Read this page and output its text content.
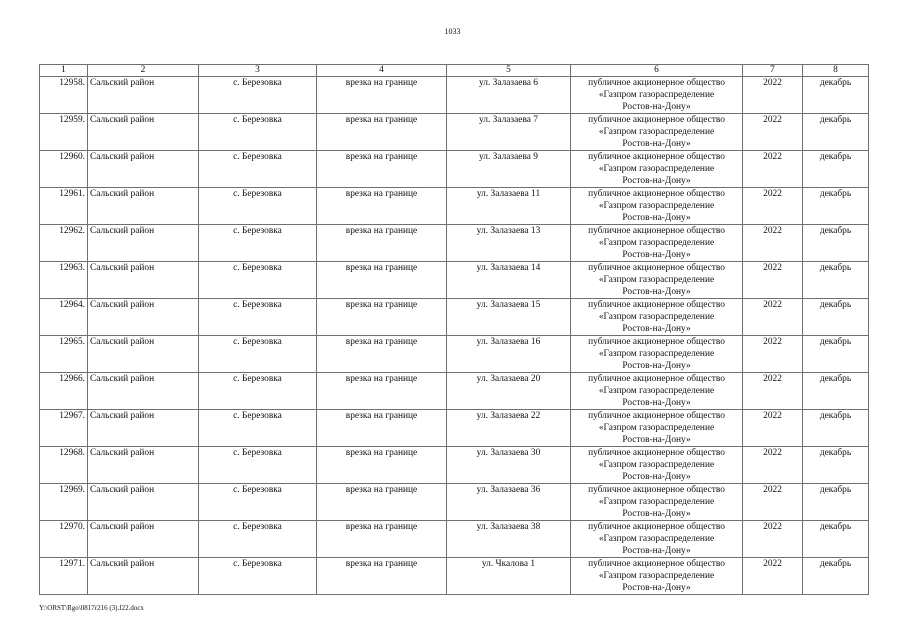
1033
1	2	3	4	5	6	7	8
12958.	Сальский район	с. Березовка	врезка на границе	ул. Залазаева 6	публичное акционерное общество
«Газпром газораспределение
Ростов-на-Дону»	2022	декабрь
12959.	Сальский район	с. Березовка	врезка на границе	ул. Залазаева 7	публичное акционерное общество
«Газпром газораспределение
Ростов-на-Дону»	2022	декабрь
12960.	Сальский район	с. Березовка	врезка на границе	ул. Залазаева 9	публичное акционерное общество
«Газпром газораспределение
Ростов-на-Дону»	2022	декабрь
12961.	Сальский район	с. Березовка	врезка на границе	ул. Залазаева 11	публичное акционерное общество
«Газпром газораспределение
Ростов-на-Дону»	2022	декабрь
12962.	Сальский район	с. Березовка	врезка на границе	ул. Залазаева 13	публичное акционерное общество
«Газпром газораспределение
Ростов-на-Дону»	2022	декабрь
12963.	Сальский район	с. Березовка	врезка на границе	ул. Залазаева 14	публичное акционерное общество
«Газпром газораспределение
Ростов-на-Дону»	2022	декабрь
12964.	Сальский район	с. Березовка	врезка на границе	ул. Залазаева 15	публичное акционерное общество
«Газпром газораспределение
Ростов-на-Дону»	2022	декабрь
12965.	Сальский район	с. Березовка	врезка на границе	ул. Залазаева 16	публичное акционерное общество
«Газпром газораспределение
Ростов-на-Дону»	2022	декабрь
12966.	Сальский район	с. Березовка	врезка на границе	ул. Залазаева 20	публичное акционерное общество
«Газпром газораспределение
Ростов-на-Дону»	2022	декабрь
12967.	Сальский район	с. Березовка	врезка на границе	ул. Залазаева 22	публичное акционерное общество
«Газпром газораспределение
Ростов-на-Дону»	2022	декабрь
12968.	Сальский район	с. Березовка	врезка на границе	ул. Залазаева 30	публичное акционерное общество
«Газпром газораспределение
Ростов-на-Дону»	2022	декабрь
12969.	Сальский район	с. Березовка	врезка на границе	ул. Залазаева 36	публичное акционерное общество
«Газпром газораспределение
Ростов-на-Дону»	2022	декабрь
12970.	Сальский район	с. Березовка	врезка на границе	ул. Залазаева 38	публичное акционерное общество
«Газпром газораспределение
Ростов-на-Дону»	2022	декабрь
12971.	Сальский район	с. Березовка	врезка на границе	ул. Чкалова 1	публичное акционерное общество
«Газпром газораспределение
Ростов-на-Дону»	2022	декабрь
Y:\ORST\Rgo\0817r216 (3).f22.docx
